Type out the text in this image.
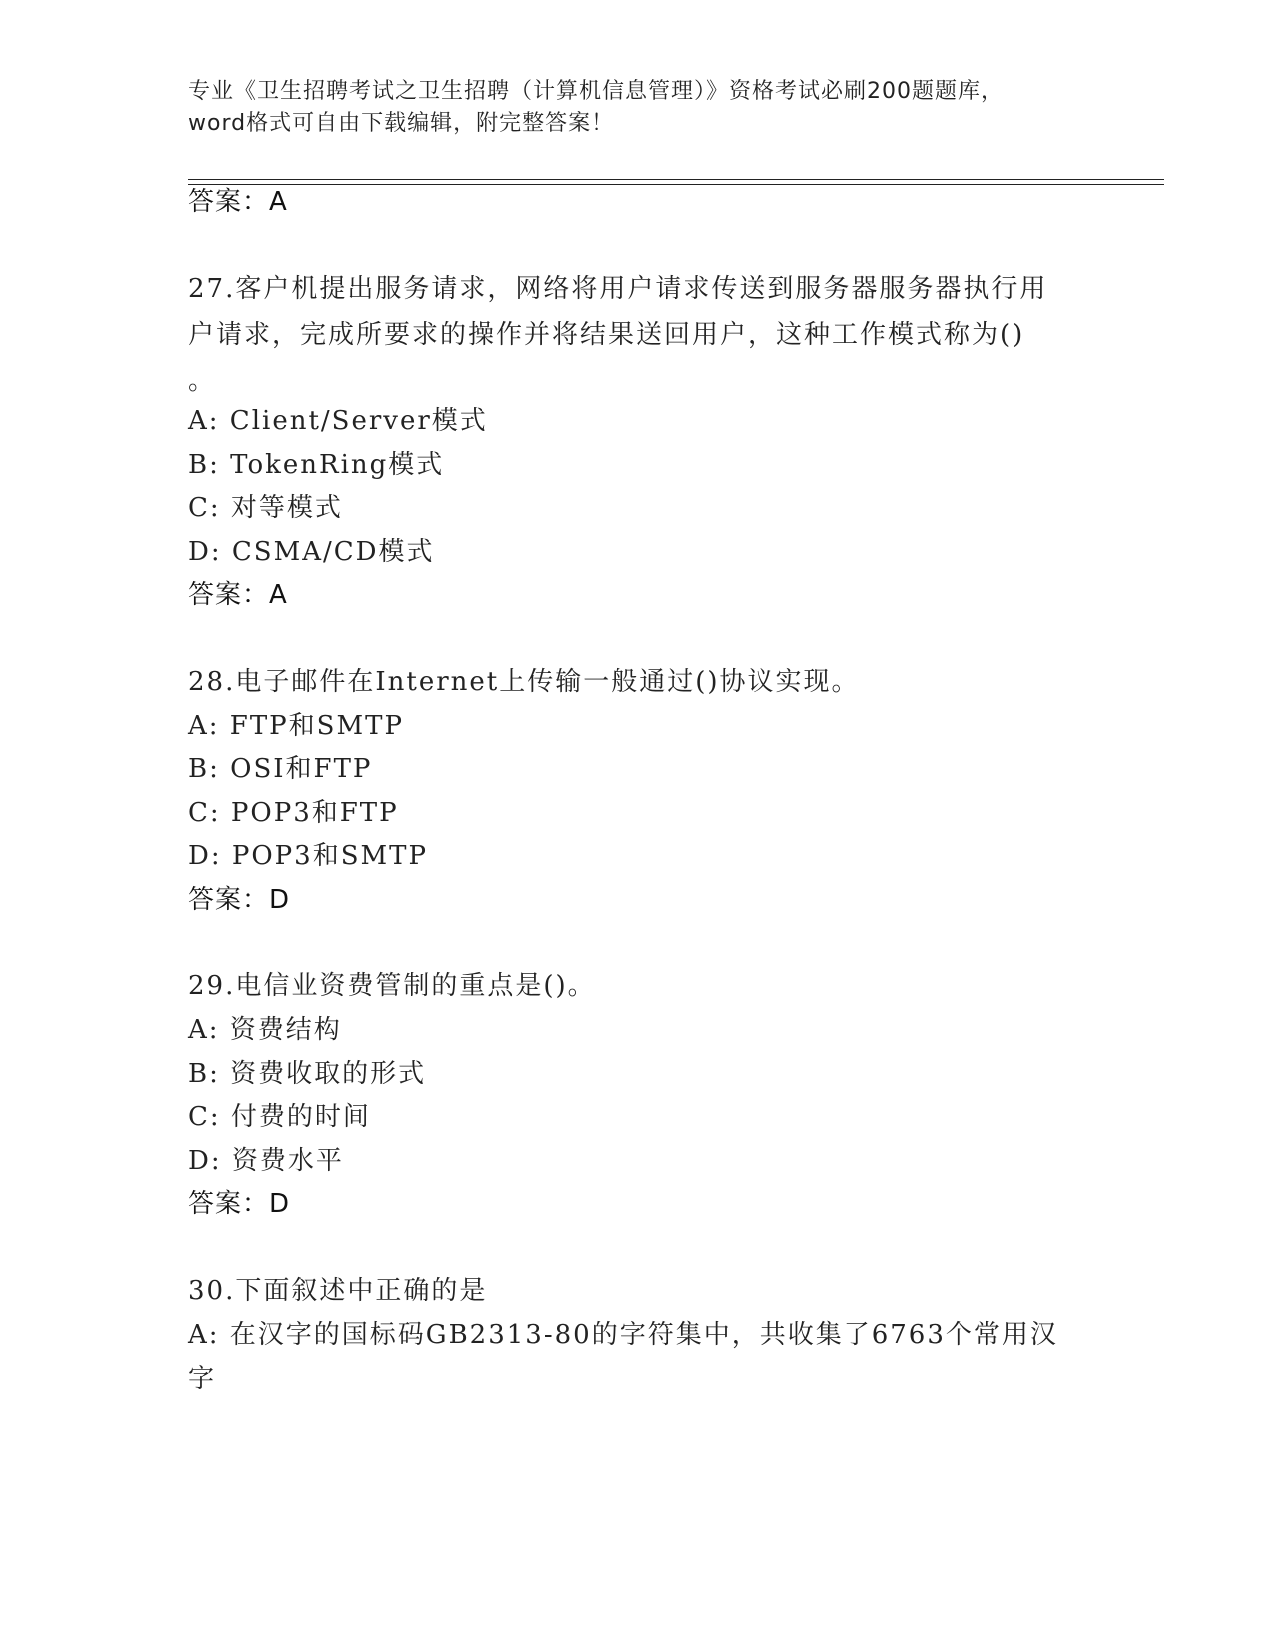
专业《卫生招聘考试之卫生招聘（计算机信息管理）》资格考试必刷200题题库，
word格式可自由下载编辑，附完整答案！
答案：A
27.客户机提出服务请求，网络将用户请求传送到服务器服务器执行用
户请求，完成所要求的操作并将结果送回用户，这种工作模式称为()
。
A: Client/Server模式
B: TokenRing模式
C: 对等模式
D: CSMA/CD模式
答案：A
28.电子邮件在Internet上传输一般通过()协议实现。
A: FTP和SMTP
B: OSI和FTP
C: POP3和FTP
D: POP3和SMTP
答案：D
29.电信业资费管制的重点是()。
A: 资费结构
B: 资费收取的形式
C: 付费的时间
D: 资费水平
答案：D
30.下面叙述中正确的是
A: 在汉字的国标码GB2313-80的字符集中，共收集了6763个常用汉
字
